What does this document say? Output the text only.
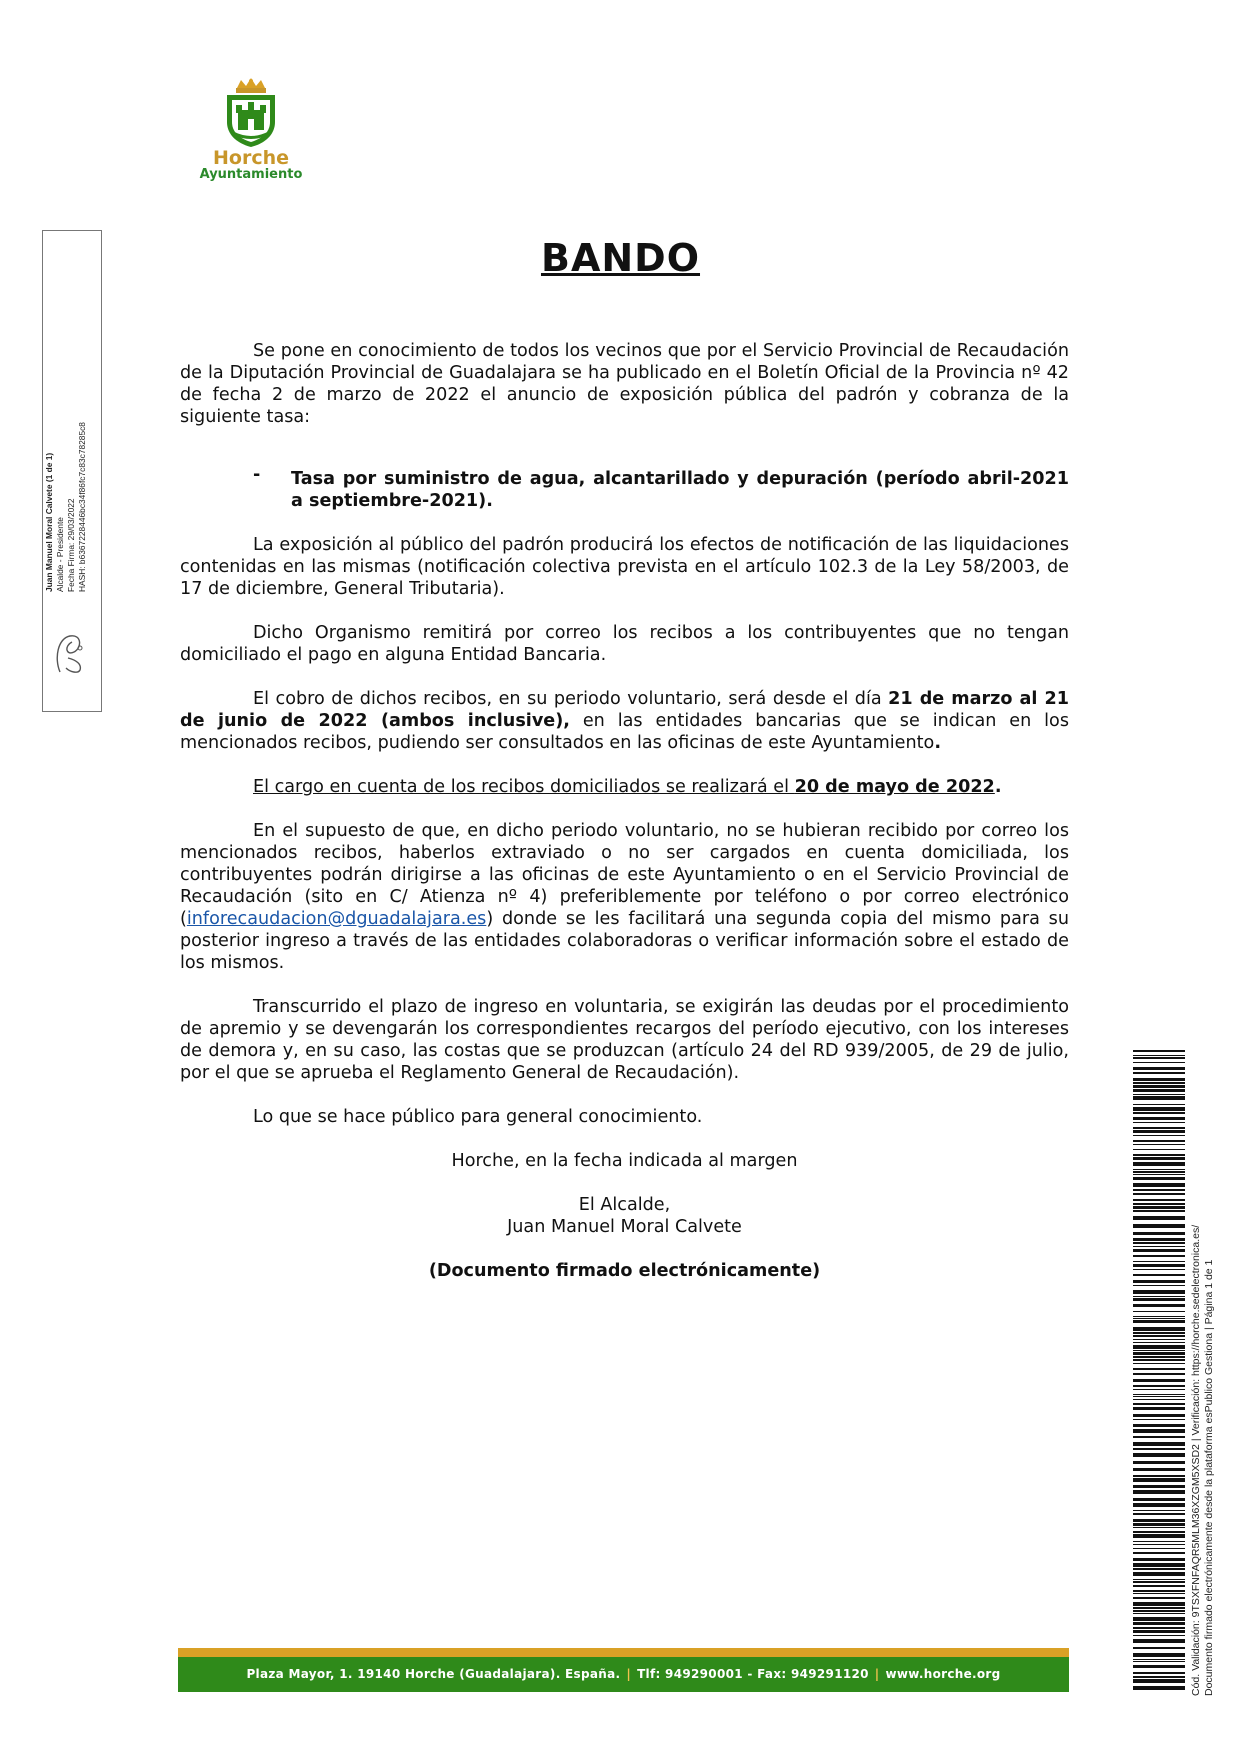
Horche
Ayuntamiento
Juan Manuel Moral Calvete (1 de 1) Alcalde - Presidente Fecha Firma: 29/03/2022 HASH: b6367228446bc34f86fc7c83c78285c8
BANDO

Se pone en conocimiento de todos los vecinos que por el Servicio Provincial de Recaudación de la Diputación Provincial de Guadalajara se ha publicado en el Boletín Oficial de la Provincia nº 42 de fecha 2 de marzo de 2022 el anuncio de exposición pública del padrón y cobranza de la siguiente tasa:

- Tasa por suministro de agua, alcantarillado y depuración (período abril-2021 a septiembre-2021).

La exposición al público del padrón producirá los efectos de notificación de las liquidaciones contenidas en las mismas (notificación colectiva prevista en el artículo 102.3 de la Ley 58/2003, de 17 de diciembre, General Tributaria).

Dicho Organismo remitirá por correo los recibos a los contribuyentes que no tengan domiciliado el pago en alguna Entidad Bancaria.

El cobro de dichos recibos, en su periodo voluntario, será desde el día 21 de marzo al 21 de junio de 2022 (ambos inclusive), en las entidades bancarias que se indican en los mencionados recibos, pudiendo ser consultados en las oficinas de este Ayuntamiento.

El cargo en cuenta de los recibos domiciliados se realizará el 20 de mayo de 2022.

En el supuesto de que, en dicho periodo voluntario, no se hubieran recibido por correo los mencionados recibos, haberlos extraviado o no ser cargados en cuenta domiciliada, los contribuyentes podrán dirigirse a las oficinas de este Ayuntamiento o en el Servicio Provincial de Recaudación (sito en C/ Atienza nº 4) preferiblemente por teléfono o por correo electrónico (inforecaudacion@dguadalajara.es) donde se les facilitará una segunda copia del mismo para su posterior ingreso a través de las entidades colaboradoras o verificar información sobre el estado de los mismos.

Transcurrido el plazo de ingreso en voluntaria, se exigirán las deudas por el procedimiento de apremio y se devengarán los correspondientes recargos del período ejecutivo, con los intereses de demora y, en su caso, las costas que se produzcan (artículo 24 del RD 939/2005, de 29 de julio, por el que se aprueba el Reglamento General de Recaudación).

Lo que se hace público para general conocimiento.

Horche, en la fecha indicada al margen

El Alcalde,

Juan Manuel Moral Calvete

(Documento firmado electrónicamente)

Plaza Mayor, 1. 19140 Horche (Guadalajara). España. | Tlf: 949290001 - Fax: 949291120 | www.horche.org	Cód. Validación: 9TSXFNFAQR5MLM36XZGM5XSD2 | Verificación: https://horche.sedelectronica.es/ Documento firmado electrónicamente desde la plataforma esPublico Gestiona | Página 1 de 1
